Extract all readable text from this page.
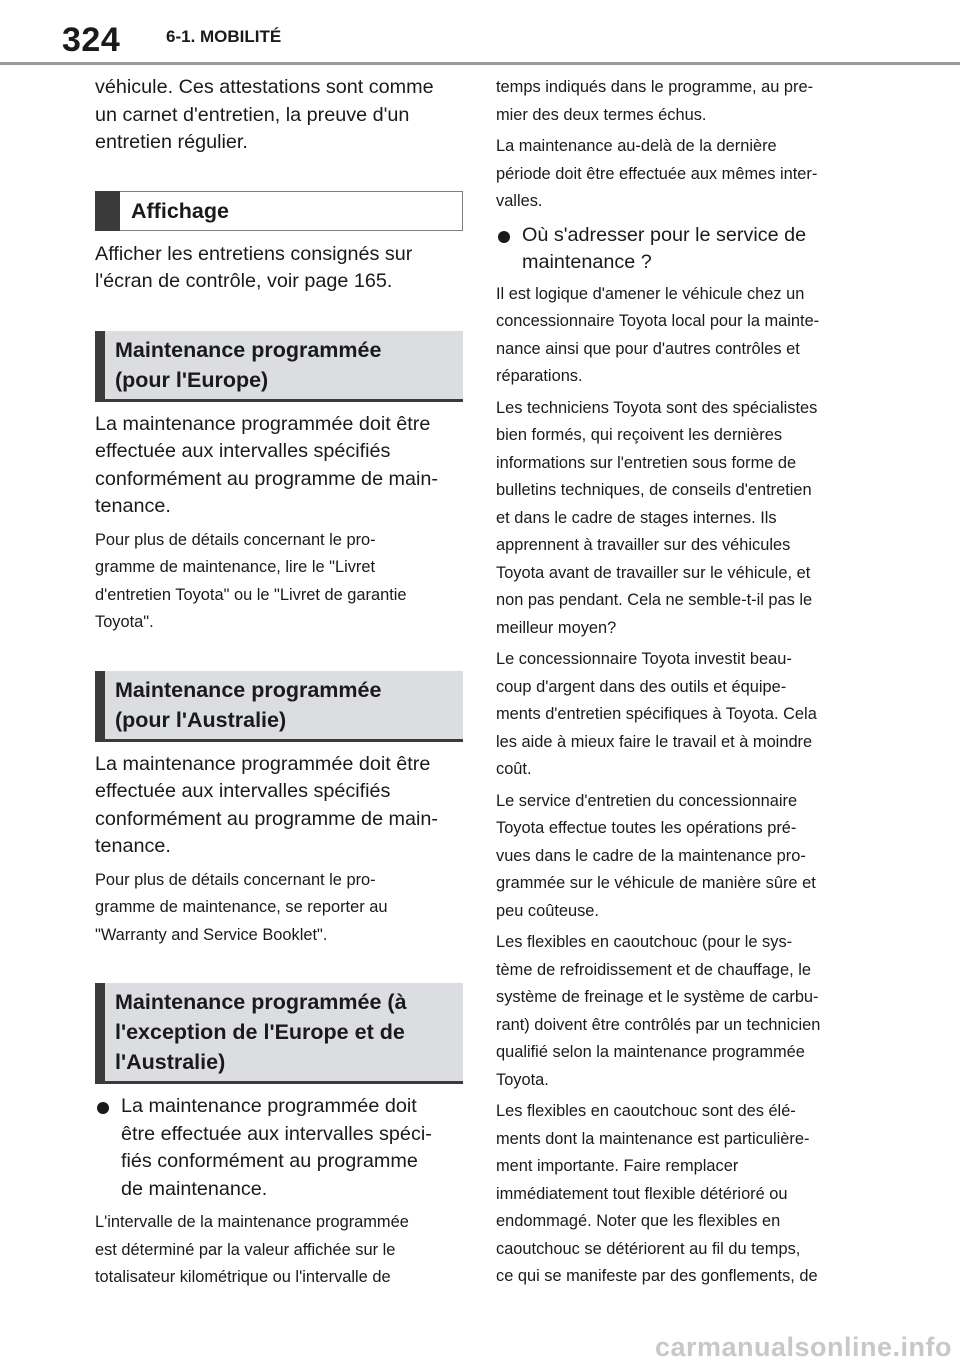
324	6-1. MOBILITÉ

véhicule. Ces attestations sont comme

un carnet d'entretien, la preuve d'un

entretien régulier.

Affichage

Afficher les entretiens consignés sur

l'écran de contrôle, voir page 165.

Maintenance programmée
(pour l'Europe)

La maintenance programmée doit être

effectuée aux intervalles spécifiés

conformément au programme de main-

tenance.

Pour plus de détails concernant le pro-

gramme de maintenance, lire le "Livret

d'entretien Toyota" ou le "Livret de garantie

Toyota".

Maintenance programmée
(pour l'Australie)

La maintenance programmée doit être

effectuée aux intervalles spécifiés

conformément au programme de main-

tenance.

Pour plus de détails concernant le pro-

gramme de maintenance, se reporter au

"Warranty and Service Booklet".

Maintenance programmée (à
l'exception de l'Europe et de
l'Australie)

La maintenance programmée doit

être effectuée aux intervalles spéci-

fiés conformément au programme

de maintenance.

L'intervalle de la maintenance programmée

est déterminé par la valeur affichée sur le

totalisateur kilométrique ou l'intervalle de

temps indiqués dans le programme, au pre-

mier des deux termes échus.

La maintenance au-delà de la dernière

période doit être effectuée aux mêmes inter-

valles.

Où s'adresser pour le service de

maintenance ?

Il est logique d'amener le véhicule chez un

concessionnaire Toyota local pour la mainte-

nance ainsi que pour d'autres contrôles et

réparations.

Les techniciens Toyota sont des spécialistes

bien formés, qui reçoivent les dernières

informations sur l'entretien sous forme de

bulletins techniques, de conseils d'entretien

et dans le cadre de stages internes. Ils

apprennent à travailler sur des véhicules

Toyota avant de travailler sur le véhicule, et

non pas pendant. Cela ne semble-t-il pas le

meilleur moyen?

Le concessionnaire Toyota investit beau-

coup d'argent dans des outils et équipe-

ments d'entretien spécifiques à Toyota. Cela

les aide à mieux faire le travail et à moindre

coût.

Le service d'entretien du concessionnaire

Toyota effectue toutes les opérations pré-

vues dans le cadre de la maintenance pro-

grammée sur le véhicule de manière sûre et

peu coûteuse.

Les flexibles en caoutchouc (pour le sys-

tème de refroidissement et de chauffage, le

système de freinage et le système de carbu-

rant) doivent être contrôlés par un technicien

qualifié selon la maintenance programmée

Toyota.

Les flexibles en caoutchouc sont des élé-

ments dont la maintenance est particulière-

ment importante. Faire remplacer

immédiatement tout flexible détérioré ou

endommagé. Noter que les flexibles en

caoutchouc se détériorent au fil du temps,

ce qui se manifeste par des gonflements, de

carmanualsonline.info
